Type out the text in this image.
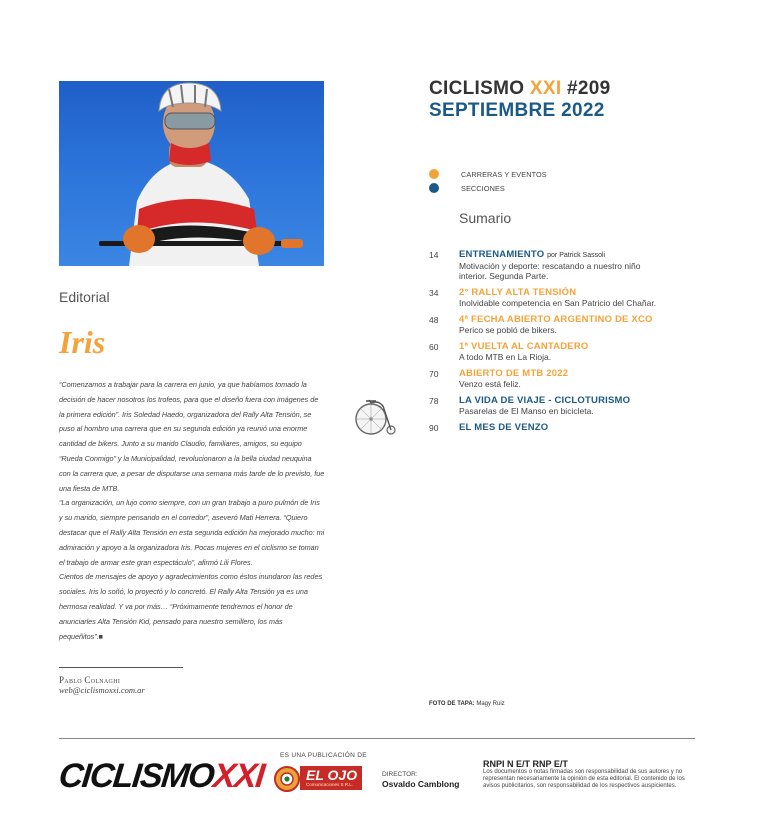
Editorial
Iris

“Comenzamos a trabajar para la carrera en junio, ya que habíamos tomado la decisión de hacer nosotros los trofeos, para que el diseño fuera con imágenes de la primera edición”. Iris Soledad Haedo, organizadora del Rally Alta Tensión, se puso al hombro una carrera que en su segunda edición ya reunió una enorme cantidad de bikers. Junto a su marido Claudio, familiares, amigos, su equipo “Rueda Conmigo” y la Municipalidad, revolucionaron a la bella ciudad neuquina con la carrera que, a pesar de disputarse una semana más tarde de lo previsto, fue una fiesta de MTB.

“La organización, un lujo como siempre, con un gran trabajo a puro pulmón de Iris y su marido, siempre pensando en el corredor”, aseveró Mati Herrera. “Quiero destacar que el Rally Alta Tensión en esta segunda edición ha mejorado mucho: mi admiración y apoyo a la organizadora Iris. Pocas mujeres en el ciclismo se toman el trabajo de armar este gran espectáculo”, afirmó Lili Flores.

Cientos de mensajes de apoyo y agradecimientos como éstos inundaron las redes sociales. Iris lo soñó, lo proyectó y lo concretó. El Rally Alta Tensión ya es una hermosa realidad. Y va por más… “Próximamente tendremos el honor de anunciarles Alta Tensión Kid, pensado para nuestro semillero, los más pequeñitos”.■

Pablo Colnaghi
web@ciclismoxxi.com.ar
CICLISMO XXI #209
SEPTIEMBRE 2022
CARRERAS Y EVENTOS
SECCIONES
Sumario
14 ENTRENAMIENTO por Patrick Sassoli
Motivación y deporte: rescatando a nuestro niño interior. Segunda Parte.
34 2° RALLY ALTA TENSIÓN
Inolvidable competencia en San Patricio del Chañar.
48 4ª FECHA ABIERTO ARGENTINO DE XCO
Perico se pobló de bikers.
60 1ª VUELTA AL CANTADERO
A todo MTB en La Rioja.
70 ABIERTO DE MTB 2022
Venzo está feliz.
78 LA VIDA DE VIAJE - CICLOTURISMO
Pasarelas de El Manso en bicicleta.
90 EL MES DE VENZO
FOTO DE TAPA: Magy Ruiz
CICLISMOXXI
ES UNA PUBLICACIÓN DE
EL OJO
Comunicaciones S.R.L.
DIRECTOR:
Osvaldo Camblong
RNPI N E/T RNP E/T
Los documentos o notas firmadas son responsabilidad de sus autores y no representan necesariamente la opinión de esta editorial. El contenido de los avisos publicitarios, son responsabilidad de los respectivos auspicientes.
